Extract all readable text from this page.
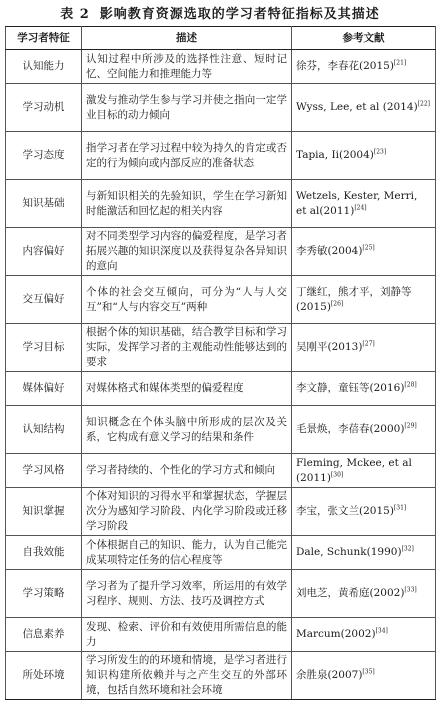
表 2 影响教育资源选取的学习者特征指标及其描述
学习者特征	描述	参考文献
认知能力	认知过程中所涉及的选择性注意、短时记忆、空间能力和推理能力等	徐芬，李春花(2015)[21]
学习动机	激发与推动学生参与学习并使之指向一定学业目标的动力倾向	Wyss, Lee, et al (2014)[22]
学习态度	指学习者在学习过程中较为持久的肯定或否定的行为倾向或内部反应的准备状态	Tapia, Ii(2004)[23]
知识基础	与新知识相关的先验知识，学生在学习新知时能激活和回忆起的相关内容	Wetzels, Kester, Merri, et al(2011)[24]
内容偏好	对不同类型学习内容的偏爱程度，是学习者拓展兴趣的知识深度以及获得复杂各异知识的意向	李秀敏(2004)[25]
交互偏好	个体的社会交互倾向，可分为“人与人交互”和“人与内容交互”两种	丁继红，熊才平，刘静等(2015)[26]
学习目标	根据个体的知识基础，结合教学目标和学习实际，发挥学习者的主观能动性能够达到的要求	吴刚平(2013)[27]
媒体偏好	对媒体格式和媒体类型的偏爱程度	李文静，童钰等(2016)[28]
认知结构	知识概念在个体头脑中所形成的层次及关系，它构成有意义学习的结果和条件	毛景焕，李蓓春(2000)[29]
学习风格	学习者持续的、个性化的学习方式和倾向	Fleming, Mckee, et al (2011)[30]
知识掌握	个体对知识的习得水平和掌握状态，学握层次分为感知学习阶段、内化学习阶段或迁移学习阶段	李宝，张文兰(2015)[31]
自我效能	个体根据自己的知识、能力，认为自己能完成某项特定任务的信心程度等	Dale, Schunk(1990)[32]
学习策略	学习者为了提升学习效率，所运用的有效学习程序、规则、方法、技巧及调控方式	刘电芝，黄希庭(2002)[33]
信息素养	发现、检索、评价和有效使用所需信息的能力	Marcum(2002)[34]
所处环境	学习所发生的的环境和情境，是学习者进行知识构建所依赖并与之产生交互的外部环境，包括自然环境和社会环境	余胜泉(2007)[35]
